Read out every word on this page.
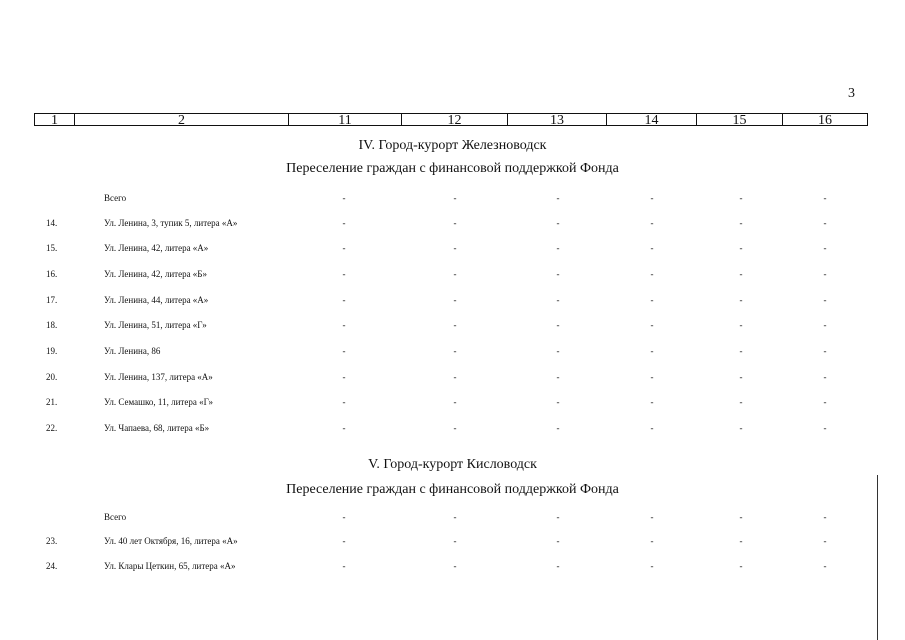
3
1	2	11	12	13	14	15	16
IV. Город-курорт Железноводск
Переселение граждан с финансовой поддержкой Фонда
Всего	-	-	-	-	-	-
14.	Ул. Ленина, 3, тупик 5, литера «А»	-	-	-	-	-	-
15.	Ул. Ленина, 42, литера «А»	-	-	-	-	-	-
16.	Ул. Ленина, 42, литера «Б»	-	-	-	-	-	-
17.	Ул. Ленина, 44, литера «А»	-	-	-	-	-	-
18.	Ул. Ленина, 51, литера «Г»	-	-	-	-	-	-
19.	Ул. Ленина, 86	-	-	-	-	-	-
20.	Ул. Ленина, 137, литера «А»	-	-	-	-	-	-
21.	Ул. Семашко, 11, литера «Г»	-	-	-	-	-	-
22.	Ул. Чапаева, 68, литера «Б»	-	-	-	-	-	-
V. Город-курорт Кисловодск
Переселение граждан с финансовой поддержкой Фонда
Всего	-	-	-	-	-	-
23.	Ул. 40 лет Октября, 16, литера «А»	-	-	-	-	-	-
24.	Ул. Клары Цеткин, 65, литера «А»	-	-	-	-	-	-
